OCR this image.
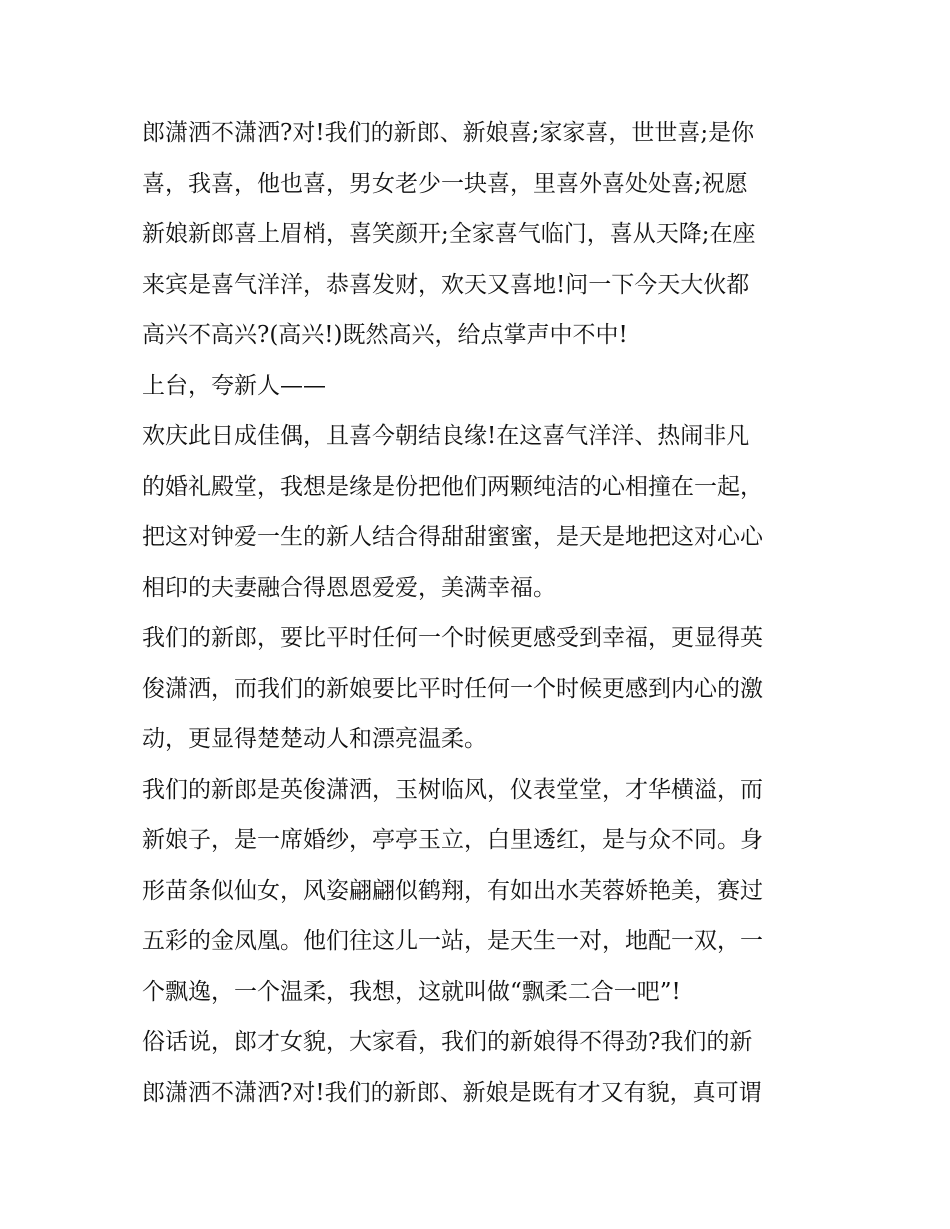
郎潇洒不潇洒?对!我们的新郎、新娘喜;家家喜，世世喜;是你
喜，我喜，他也喜，男女老少一块喜，里喜外喜处处喜;祝愿
新娘新郎喜上眉梢，喜笑颜开;全家喜气临门，喜从天降;在座
来宾是喜气洋洋，恭喜发财，欢天又喜地!问一下今天大伙都
高兴不高兴?(高兴!)既然高兴，给点掌声中不中!
上台，夸新人——
欢庆此日成佳偶，且喜今朝结良缘!在这喜气洋洋、热闹非凡
的婚礼殿堂，我想是缘是份把他们两颗纯洁的心相撞在一起，
把这对钟爱一生的新人结合得甜甜蜜蜜，是天是地把这对心心
相印的夫妻融合得恩恩爱爱，美满幸福。
我们的新郎，要比平时任何一个时候更感受到幸福，更显得英
俊潇洒，而我们的新娘要比平时任何一个时候更感到内心的激
动，更显得楚楚动人和漂亮温柔。
我们的新郎是英俊潇洒，玉树临风，仪表堂堂，才华横溢，而
新娘子，是一席婚纱，亭亭玉立，白里透红，是与众不同。身
形苗条似仙女，风姿翩翩似鹤翔，有如出水芙蓉娇艳美，赛过
五彩的金凤凰。他们往这儿一站，是天生一对，地配一双，一
个飘逸，一个温柔，我想，这就叫做“飘柔二合一吧”!
俗话说，郎才女貌，大家看，我们的新娘得不得劲?我们的新
郎潇洒不潇洒?对!我们的新郎、新娘是既有才又有貌，真可谓
